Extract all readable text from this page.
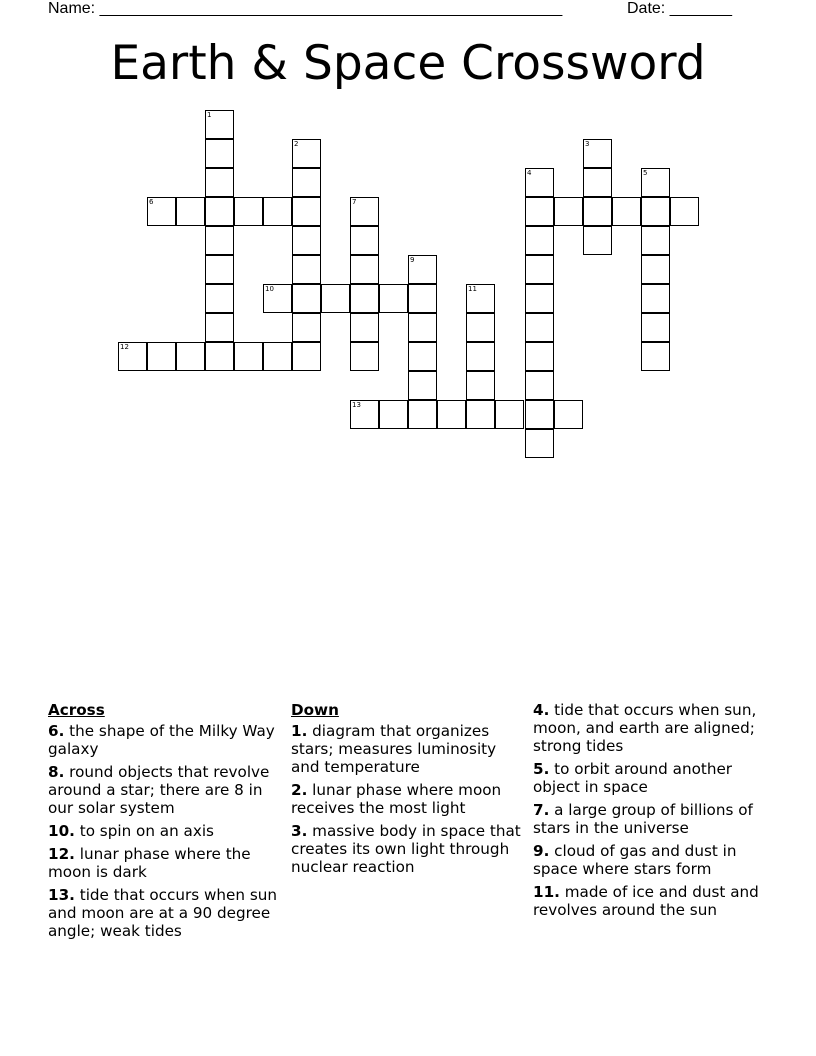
Name: ____________________________________________________	Date: _______
Earth & Space Crossword
1
2	3
4	5
6	7
9
10	11
12
13
Across
6. the shape of the Milky Way galaxy
8. round objects that revolve around a star; there are 8 in our solar system
10. to spin on an axis
12. lunar phase where the moon is dark
13. tide that occurs when sun and moon are at a 90 degree angle; weak tides
Down
1. diagram that organizes stars; measures luminosity and temperature
2. lunar phase where moon receives the most light
3. massive body in space that creates its own light through nuclear reaction
4. tide that occurs when sun, moon, and earth are aligned; strong tides
5. to orbit around another object in space
7. a large group of billions of stars in the universe
9. cloud of gas and dust in space where stars form
11. made of ice and dust and revolves around the sun
